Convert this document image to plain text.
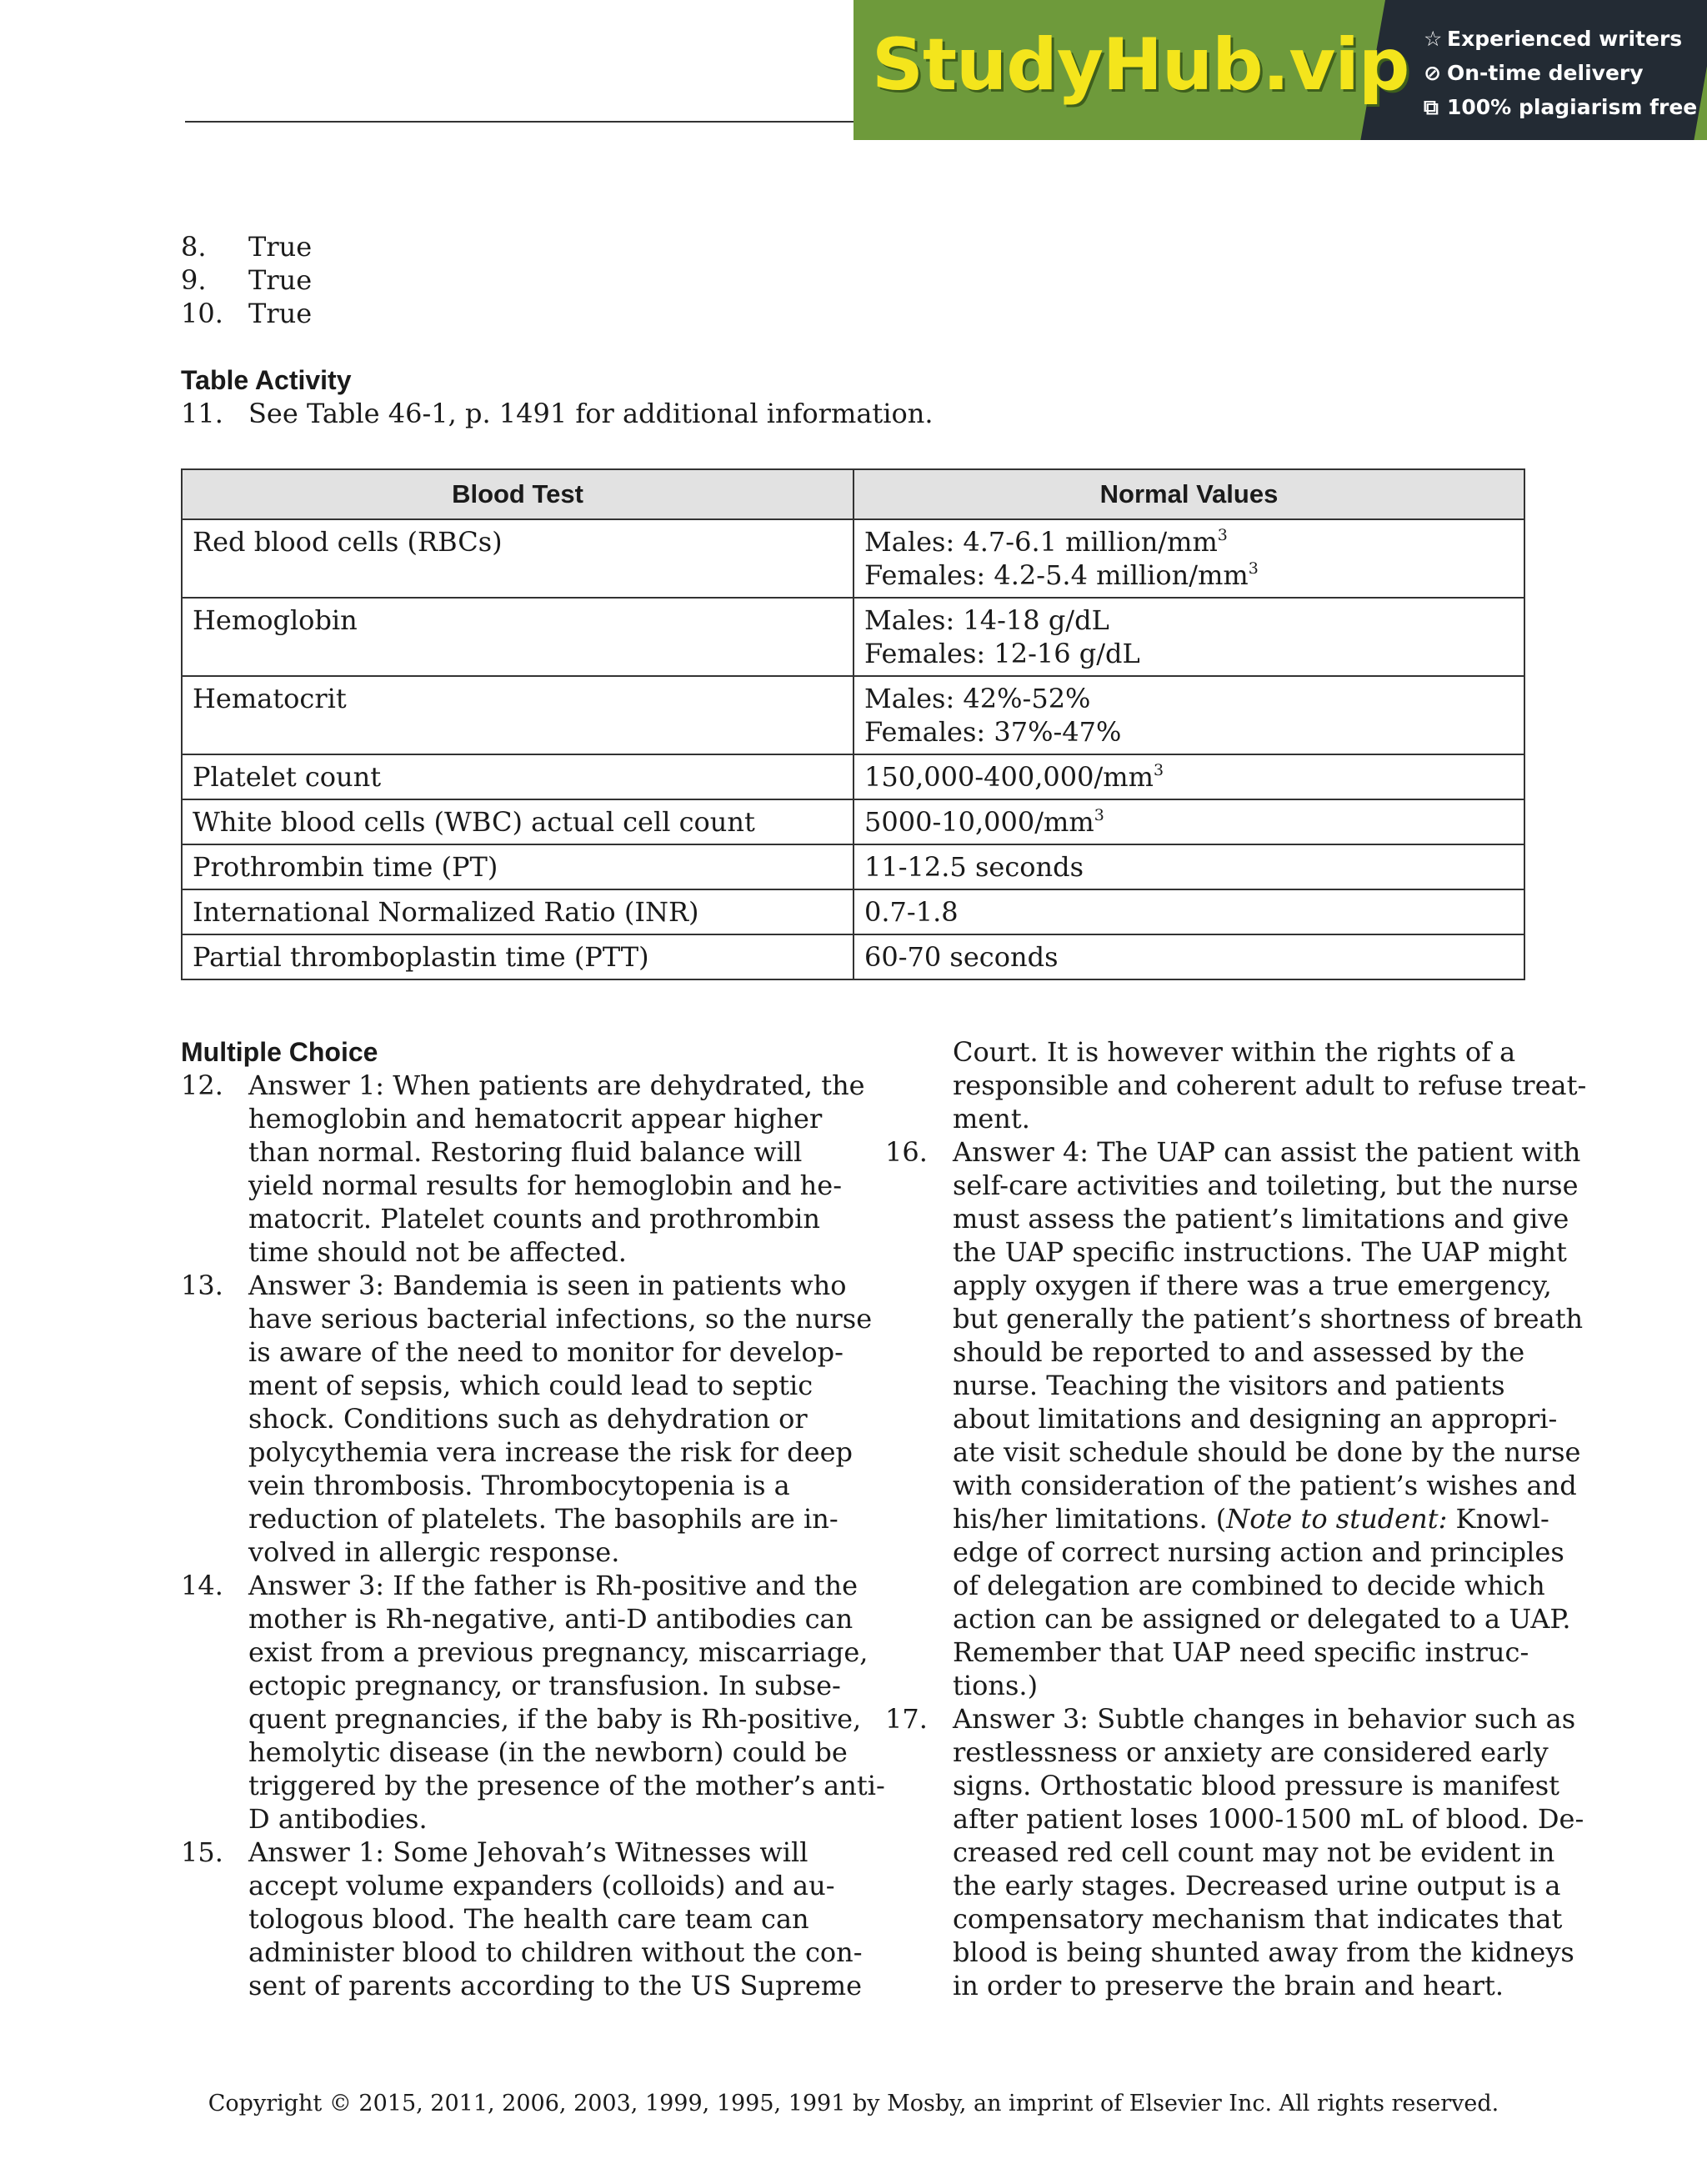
StudyHub.vip ☆ Experienced writers
⊘ On-time delivery
⧉ 100% plagiarism free
8.	True
9.	True
10. True
Table Activity
11. See Table 46-1, p. 1491 for additional information.
Blood Test	Normal Values
Red blood cells (RBCs)	Males: 4.7-6.1 million/$mm^3$
Females: 4.2-5.4 million/$mm^3$

Hemoglobin	Males: 14-18 g/dL
Females: 12-16 g/dL

Hematocrit	Males: 42%-52%
Females: 37%-47%

Platelet count	$150,000-400,000/mm^3$
White blood cells (WBC) actual cell count	$5000-10,000/mm^3$
Prothrombin time (PT)	11-12.5 seconds
International Normalized Ratio (INR)	0.7-1.8
Partial thromboplastin time (PTT)	60-70 seconds
Multiple Choice
12. Answer 1: When patients are dehydrated, the
hemoglobin and hematocrit appear higher
than normal. Restoring fluid balance will
yield normal results for hemoglobin and he-
matocrit. Platelet counts and prothrombin
time should not be affected.
13. Answer 3: Bandemia is seen in patients who
have serious bacterial infections, so the nurse
is aware of the need to monitor for develop-
ment of sepsis, which could lead to septic
shock. Conditions such as dehydration or
polycythemia vera increase the risk for deep
vein thrombosis. Thrombocytopenia is a
reduction of platelets. The basophils are in-
volved in allergic response.
14. Answer 3: If the father is Rh-positive and the
mother is Rh-negative, anti-D antibodies can
exist from a previous pregnancy, miscarriage,
ectopic pregnancy, or transfusion. In subse-
quent pregnancies, if the baby is Rh-positive,
hemolytic disease (in the newborn) could be
triggered by the presence of the mother’s anti-
D antibodies.
15. Answer 1: Some Jehovah’s Witnesses will
accept volume expanders (colloids) and au-
tologous blood. The health care team can
administer blood to children without the con-
sent of parents according to the US Supreme
Court. It is however within the rights of a
responsible and coherent adult to refuse treat-
ment.
16. Answer 4: The UAP can assist the patient with
self-care activities and toileting, but the nurse
must assess the patient’s limitations and give
the UAP specific instructions. The UAP might
apply oxygen if there was a true emergency,
but generally the patient’s shortness of breath
should be reported to and assessed by the
nurse. Teaching the visitors and patients
about limitations and designing an appropri-
ate visit schedule should be done by the nurse
with consideration of the patient’s wishes and
his/her limitations. (Note to student: Knowl-
edge of correct nursing action and principles
of delegation are combined to decide which
action can be assigned or delegated to a UAP.
Remember that UAP need specific instruc-
tions.)
17. Answer 3: Subtle changes in behavior such as
restlessness or anxiety are considered early
signs. Orthostatic blood pressure is manifest
after patient loses 1000-1500 mL of blood. De-
creased red cell count may not be evident in
the early stages. Decreased urine output is a
compensatory mechanism that indicates that
blood is being shunted away from the kidneys
in order to preserve the brain and heart.
Copyright © 2015, 2011, 2006, 2003, 1999, 1995, 1991 by Mosby, an imprint of Elsevier Inc. All rights reserved.
